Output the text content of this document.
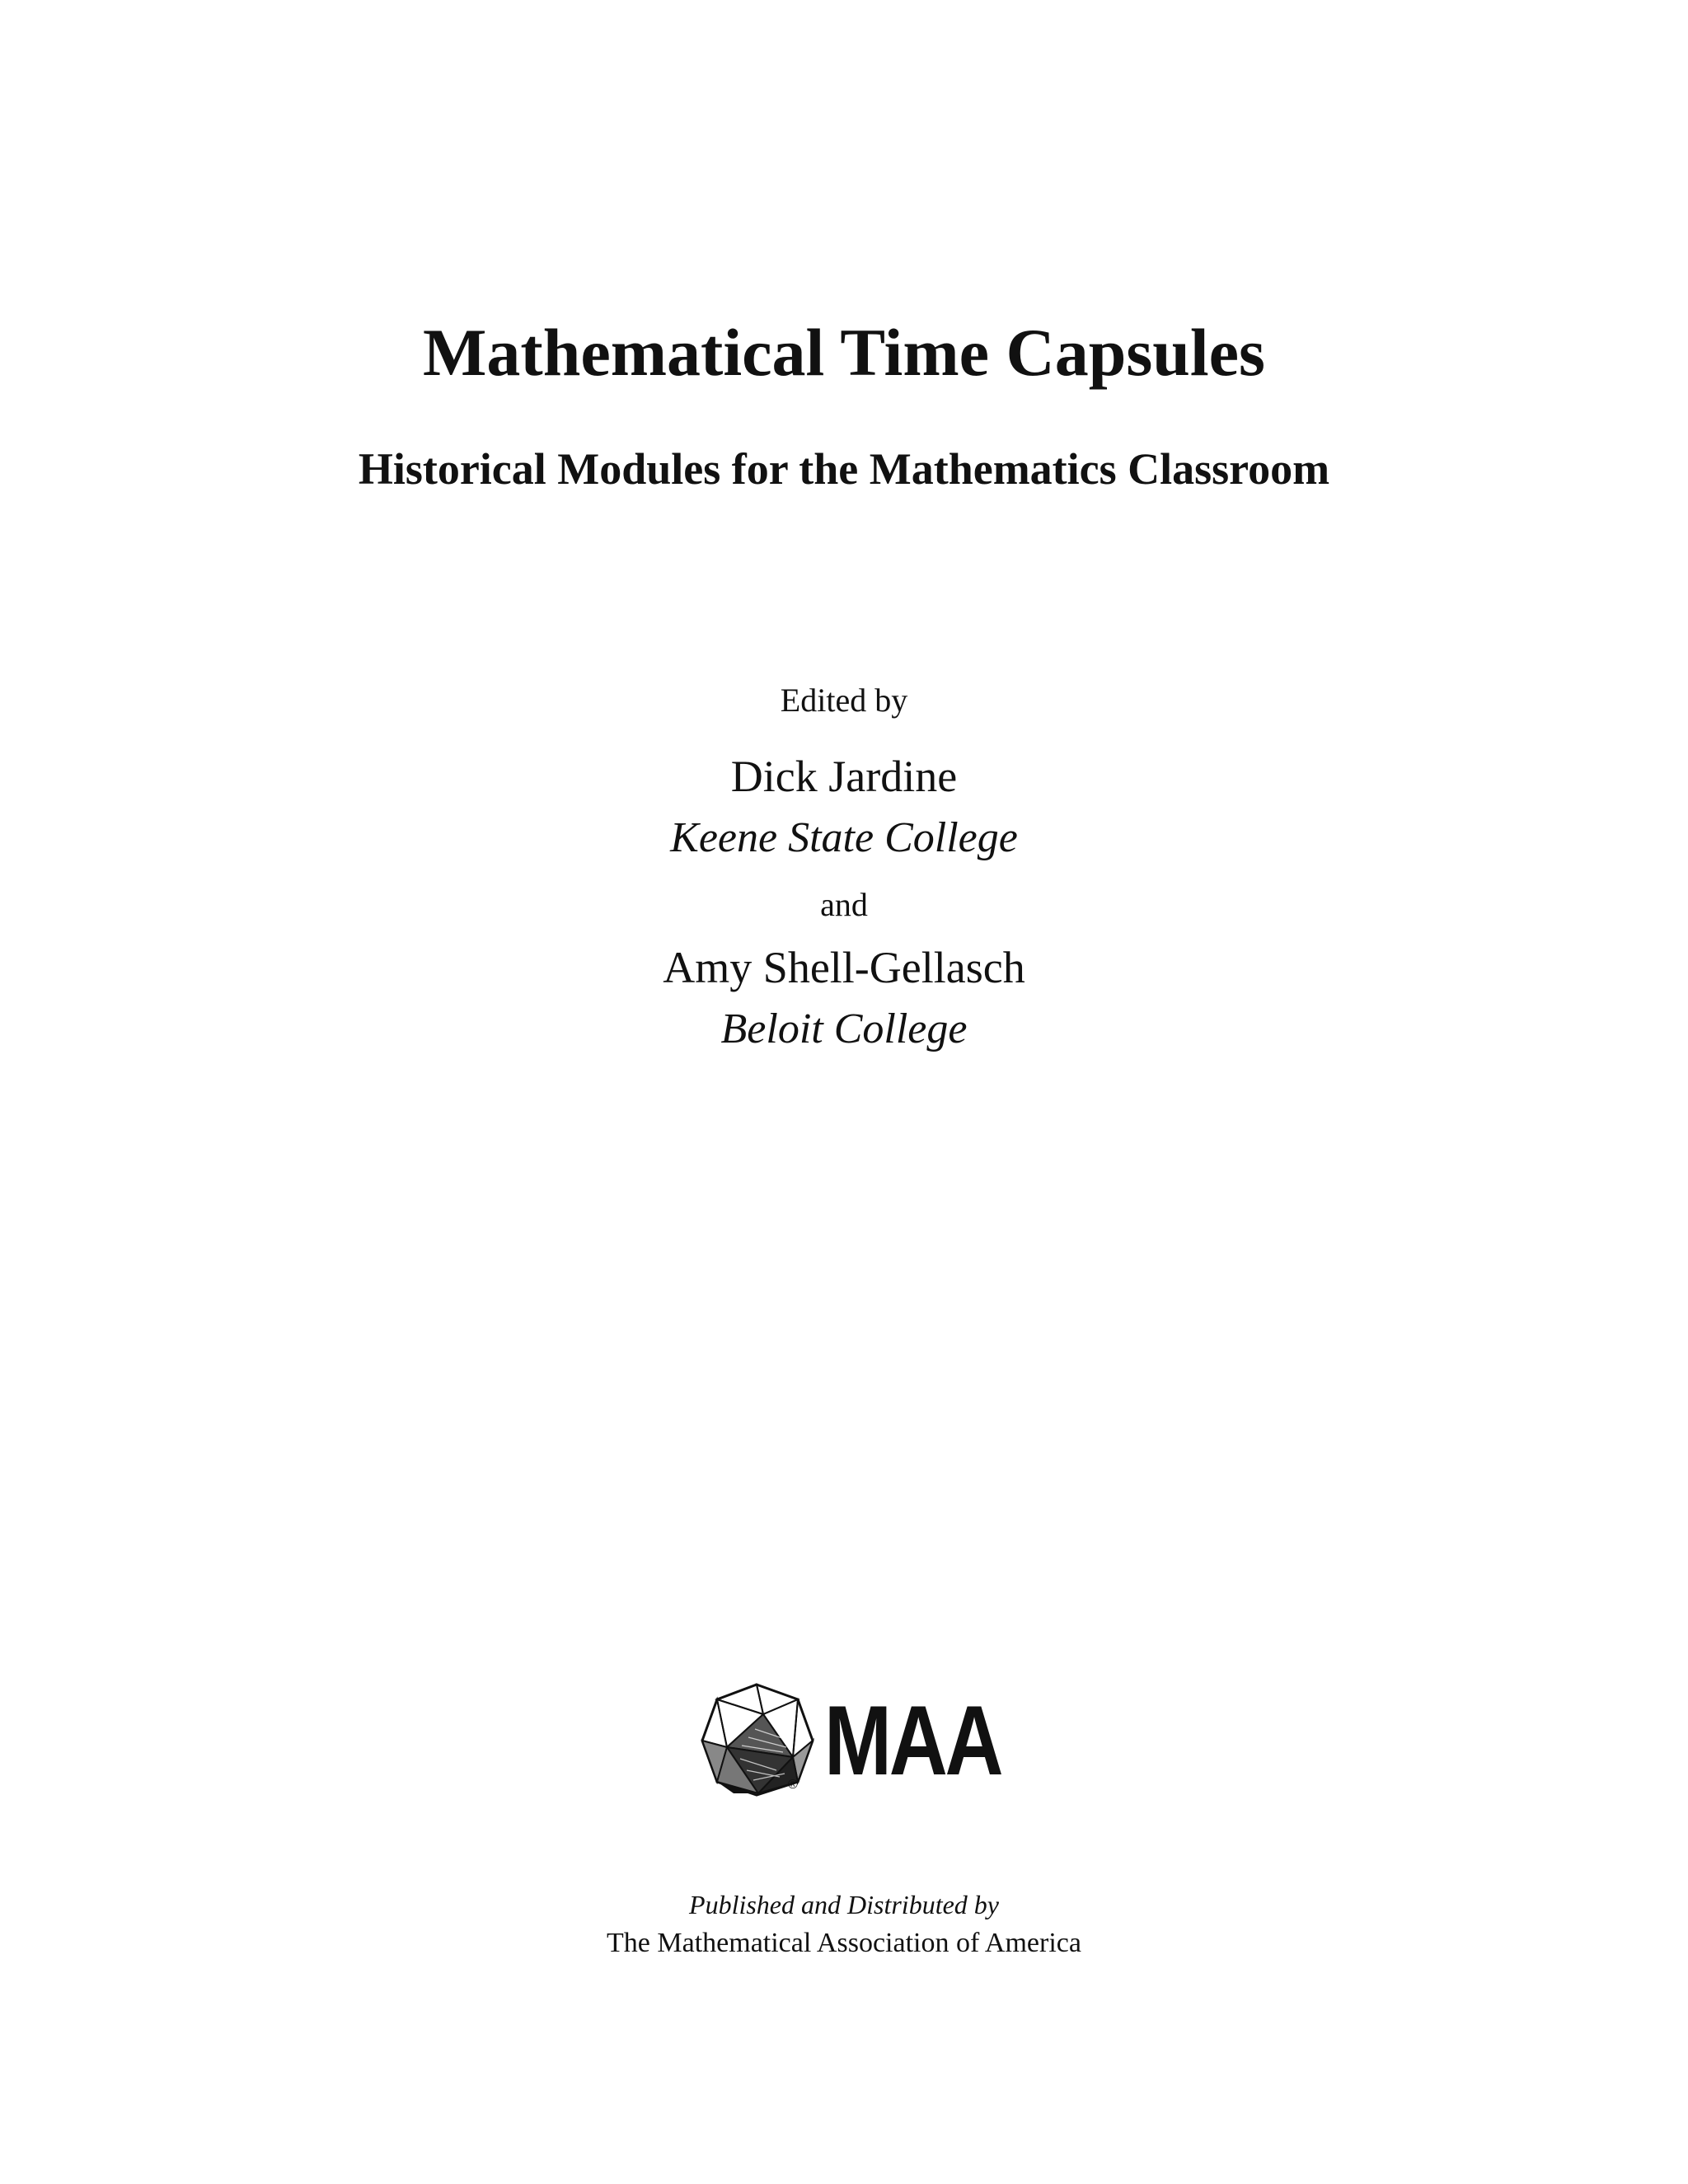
Mathematical Time Capsules
Historical Modules for the Mathematics Classroom
Edited by
Dick Jardine
Keene State College
and
Amy Shell-Gellasch
Beloit College
® MAA
Published and Distributed by
The Mathematical Association of America
